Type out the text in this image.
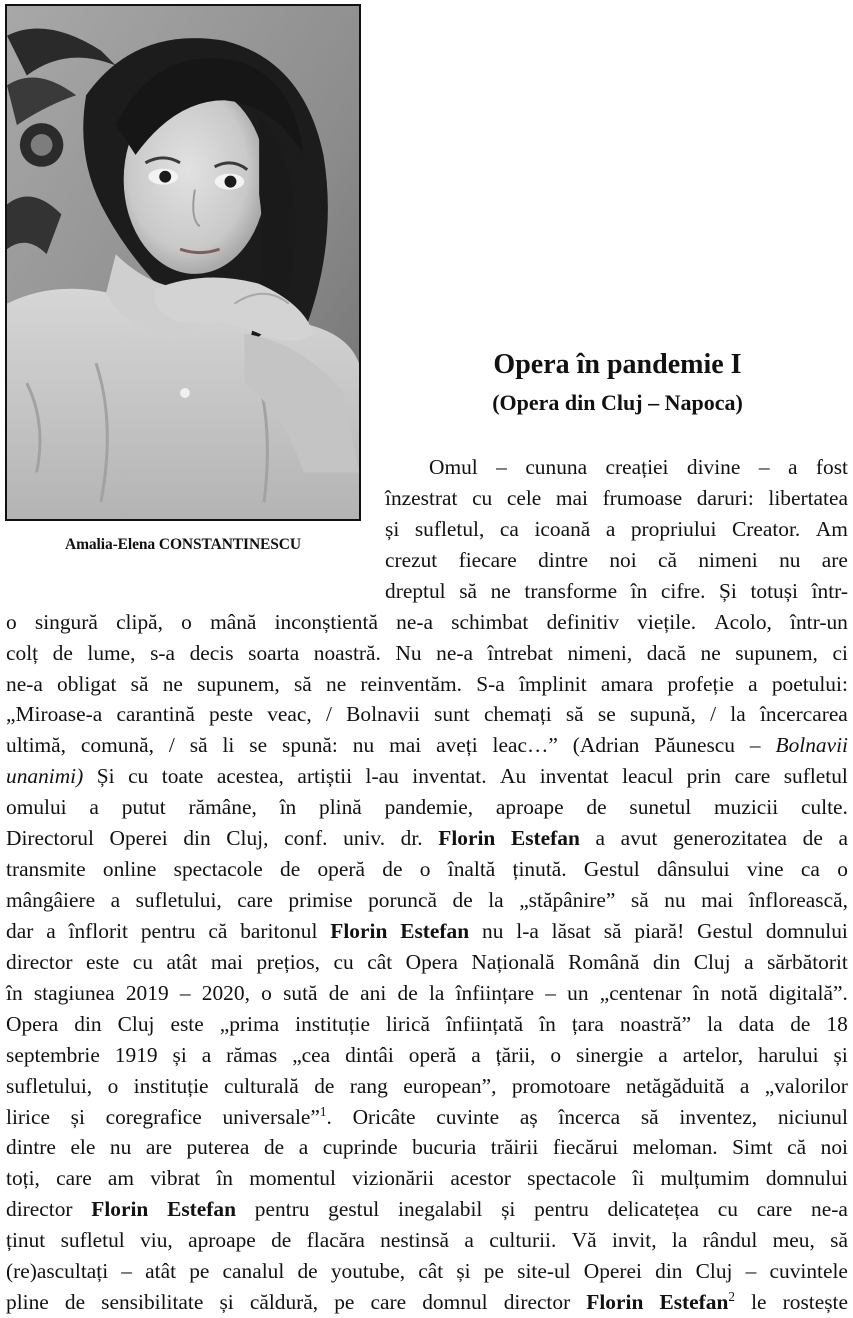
Amalia-Elena CONSTANTINESCU
Opera în pandemie I
(Opera din Cluj – Napoca)
Omul – cununa creației divine – a fost
înzestrat cu cele mai frumoase daruri: libertatea
și sufletul, ca icoană a propriului Creator. Am
crezut fiecare dintre noi că nimeni nu are
dreptul să ne transforme în cifre. Și totuși într-
o singură clipă, o mână inconștientă ne-a schimbat definitiv viețile. Acolo, într-un
colț de lume, s-a decis soarta noastră. Nu ne-a întrebat nimeni, dacă ne supunem, ci
ne-a obligat să ne supunem, să ne reinventăm. S-a împlinit amara profeție a poetului:
„Miroase-a carantină peste veac, / Bolnavii sunt chemați să se supună, / la încercarea
ultimă, comună, / să li se spună: nu mai aveți leac…” (Adrian Păunescu – Bolnavii
unanimi) Și cu toate acestea, artiștii l-au inventat. Au inventat leacul prin care sufletul
omului a putut rămâne, în plină pandemie, aproape de sunetul muzicii culte.
Directorul Operei din Cluj, conf. univ. dr. Florin Estefan a avut generozitatea de a
transmite online spectacole de operă de o înaltă ținută. Gestul dânsului vine ca o
mângâiere a sufletului, care primise poruncă de la „stăpânire” să nu mai înflorească,
dar a înflorit pentru că baritonul Florin Estefan nu l-a lăsat să piară! Gestul domnului
director este cu atât mai prețios, cu cât Opera Națională Română din Cluj a sărbătorit
în stagiunea 2019 – 2020, o sută de ani de la înființare – un „centenar în notă digitală”.
Opera din Cluj este „prima instituție lirică înființată în țara noastră” la data de 18
septembrie 1919 și a rămas „cea dintâi operă a țării, o sinergie a artelor, harului și
sufletului, o instituție culturală de rang european”, promotoare netăgăduită a „valorilor
lirice și coregrafice universale”$^1$. Oricâte cuvinte aș încerca să inventez, niciunul
dintre ele nu are puterea de a cuprinde bucuria trăirii fiecărui meloman. Simt că noi
toți, care am vibrat în momentul vizionării acestor spectacole îi mulțumim domnului
director Florin Estefan pentru gestul inegalabil și pentru delicatețea cu care ne-a
ținut sufletul viu, aproape de flacăra nestinsă a culturii. Vă invit, la rândul meu, să
(re)ascultați – atât pe canalul de youtube, cât și pe site-ul Operei din Cluj – cuvintele
pline de sensibilitate și căldură, pe care domnul director Florin Estefan$^2$ le rostește
